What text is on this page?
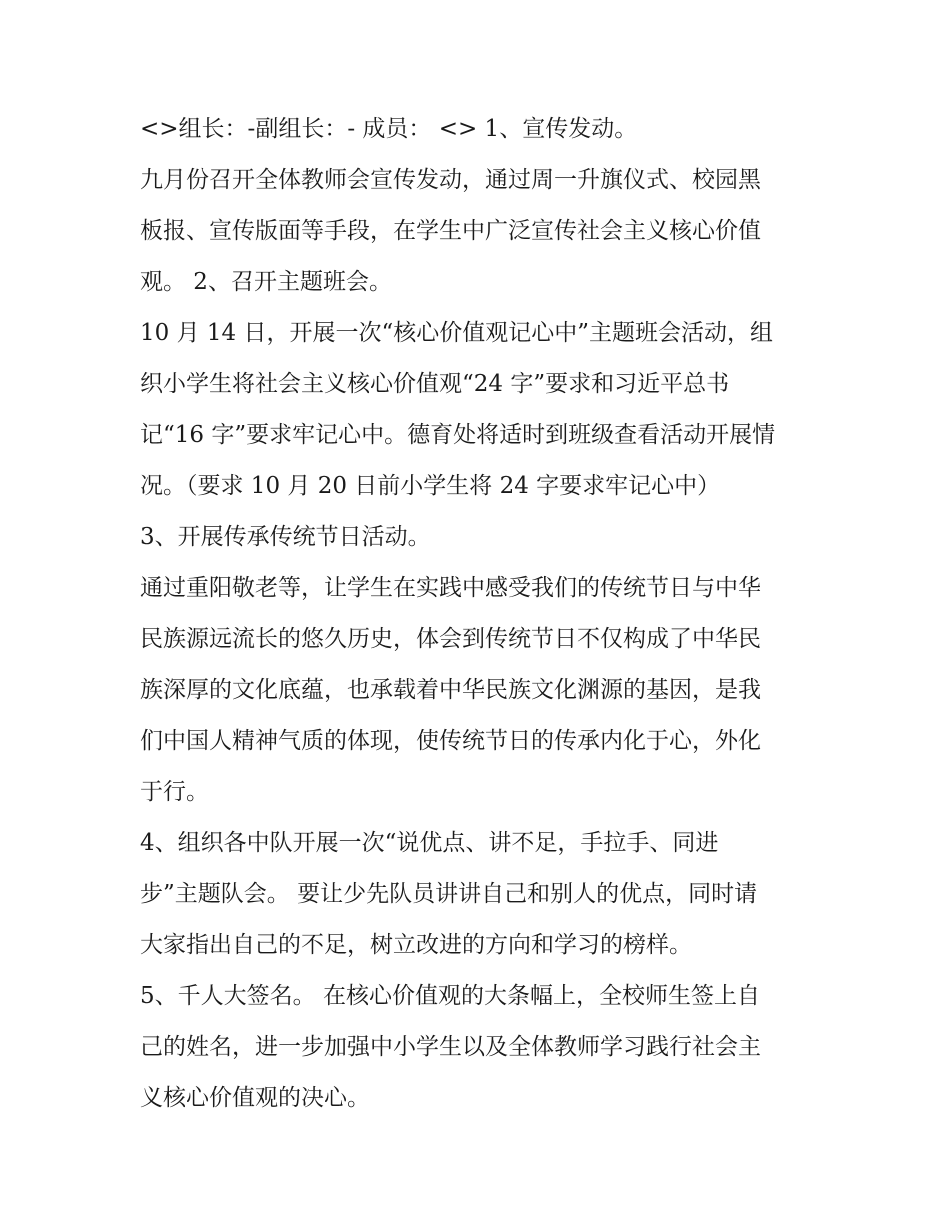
<>组长：-副组长：- 成员： <> 1、宣传发动。

九月份召开全体教师会宣传发动，通过周一升旗仪式、校园黑

板报、宣传版面等手段，在学生中广泛宣传社会主义核心价值

观。 2、召开主题班会。

10 月 14 日，开展一次“核心价值观记心中”主题班会活动，组

织小学生将社会主义核心价值观“24 字”要求和习近平总书

记“16 字”要求牢记心中。德育处将适时到班级查看活动开展情

况。（要求 10 月 20 日前小学生将 24 字要求牢记心中）

3、开展传承传统节日活动。

通过重阳敬老等，让学生在实践中感受我们的传统节日与中华

民族源远流长的悠久历史，体会到传统节日不仅构成了中华民

族深厚的文化底蕴，也承载着中华民族文化渊源的基因，是我

们中国人精神气质的体现，使传统节日的传承内化于心，外化

于行。

4、组织各中队开展一次“说优点、讲不足，手拉手、同进

步”主题队会。 要让少先队员讲讲自己和别人的优点，同时请

大家指出自己的不足，树立改进的方向和学习的榜样。

5、千人大签名。 在核心价值观的大条幅上，全校师生签上自

己的姓名，进一步加强中小学生以及全体教师学习践行社会主

义核心价值观的决心。
